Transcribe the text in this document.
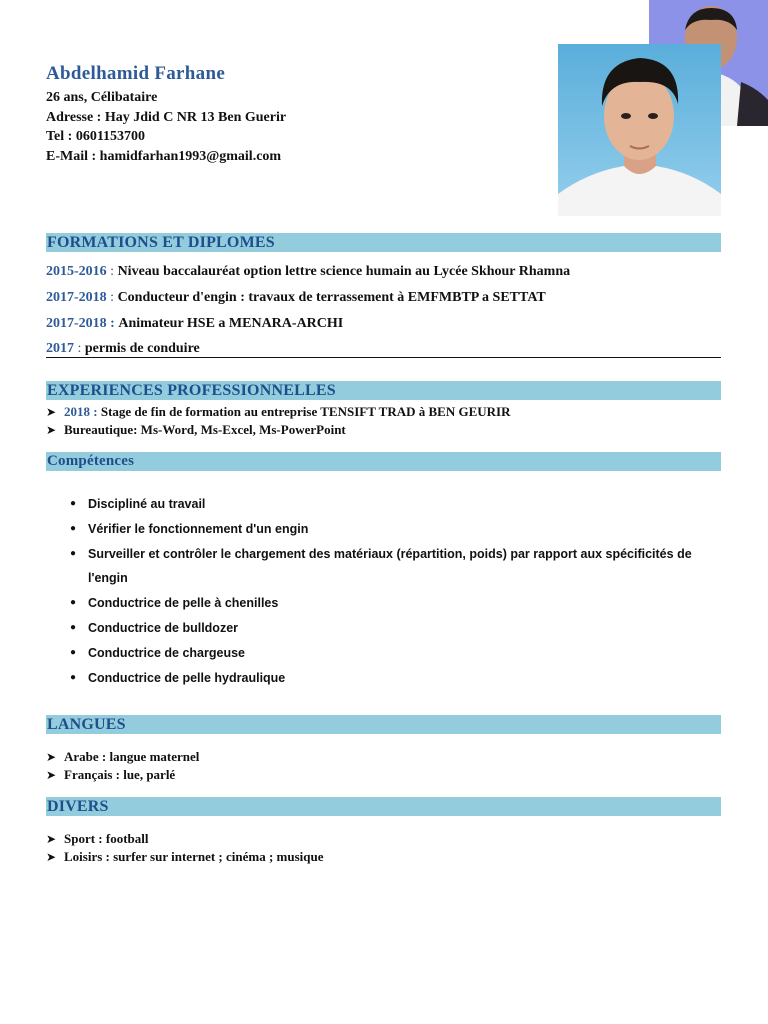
Abdelhamid Farhane
26 ans, Célibataire
Adresse : Hay Jdid C NR 13 Ben Guerir
Tel : 0601153700
E-Mail : hamidfarhan1993@gmail.com
FORMATIONS ET DIPLOMES
2015-2016 : Niveau baccalauréat option lettre science humain au Lycée Skhour Rhamna
2017-2018 : Conducteur d'engin : travaux de terrassement à EMFMBTP a SETTAT
2017-2018 : Animateur HSE a MENARA-ARCHI
2017 : permis de conduire
EXPERIENCES PROFESSIONNELLES
➤ 2018 : Stage de fin de formation au entreprise TENSIFT TRAD à BEN GEURIR
➤ Bureautique: Ms-Word, Ms-Excel, Ms-PowerPoint
Compétences
● Discipliné au travail
● Vérifier le fonctionnement d'un engin
● Surveiller et contrôler le chargement des matériaux (répartition, poids) par rapport aux spécificités de l'engin
● Conductrice de pelle à chenilles
● Conductrice de bulldozer
● Conductrice de chargeuse
● Conductrice de pelle hydraulique
LANGUES
➤ Arabe : langue maternel
➤ Français : lue, parlé
DIVERS
➤ Sport : football
➤ Loisirs : surfer sur internet ; cinéma ; musique
